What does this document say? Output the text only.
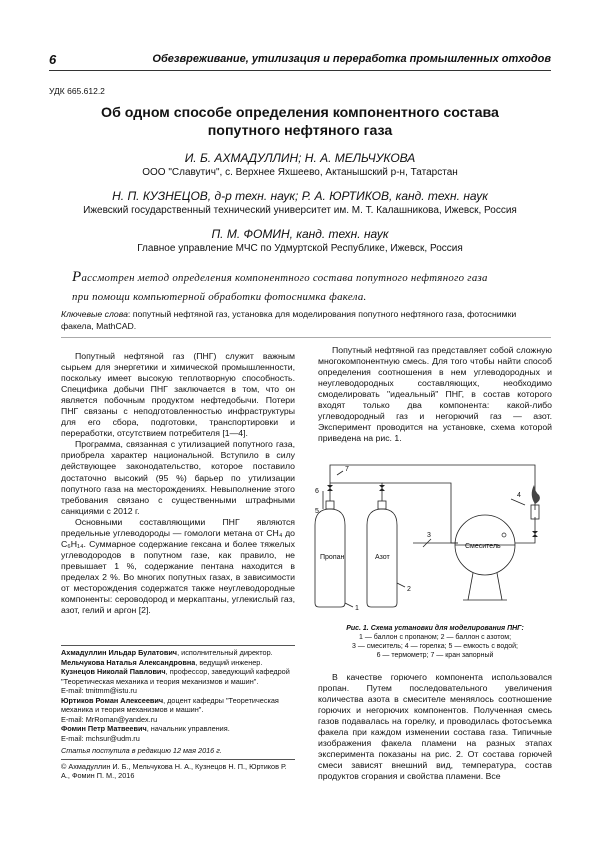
6	Обезвреживание, утилизация и переработка промышленных отходов
УДК 665.612.2
Об одном способе определения компонентного состава
попутного нефтяного газа
И. Б. АХМАДУЛЛИН; Н. А. МЕЛЬЧУКОВА
ООО "Славутич", с. Верхнее Яхшеево, Актанышский р-н, Татарстан
Н. П. КУЗНЕЦОВ, д-р техн. наук; Р. А. ЮРТИКОВ, канд. техн. наук
Ижевский государственный технический университет им. М. Т. Калашникова, Ижевск, Россия
П. М. ФОМИН, канд. техн. наук
Главное управление МЧС по Удмуртской Республике, Ижевск, Россия
Рассмотрен метод определения компонентного состава попутного нефтяного газа
при помощи компьютерной обработки фотоснимка факела.
Ключевые слова: попутный нефтяной газ, установка для моделирования попутного нефтяного газа, фотоснимки факела, MathCAD.

Попутный нефтяной газ (ПНГ) служит важным сырьем для энергетики и химической промышленности, поскольку имеет высокую теплотворную способность. Специфика добычи ПНГ заключается в том, что он является побочным продуктом нефтедобычи. Потери ПНГ связаны с неподготовленностью инфраструктуры для его сбора, подготовки, транспортировки и переработки, отсутствием потребителя [1—4].

Программа, связанная с утилизацией попутного газа, приобрела характер национальной. Вступило в силу действующее законодательство, которое поставило достаточно высокий (95 %) барьер по утилизации попутного газа на месторождениях. Невыполнение этого требования связано с существенными штрафными санкциями с 2012 г.

Основными составляющими ПНГ являются предельные углеводороды — гомологи метана от CH₄ до C₆H₁₄. Суммарное содержание гексана и более тяжелых углеводородов в попутном газе, как правило, не превышает 1 %, содержание пентана находится в пределах 2 %. Во многих попутных газах, в зависимости от месторождения содержатся также неуглеводородные компоненты: сероводород и меркаптаны, углекислый газ, азот, гелий и аргон [2].

Ахмадуллин Ильдар Булатович, исполнительный директор.
Мельчукова Наталья Александровна, ведущий инженер.
Кузнецов Николай Павлович, профессор, заведующий кафедрой "Теоретическая механика и теория механизмов и машин".
E-mail: tmitmm@istu.ru
Юртиков Роман Алексеевич, доцент кафедры "Теоретическая механика и теория механизмов и машин".
E-mail: MrRoman@yandex.ru
Фомин Петр Матвеевич, начальник управления.
E-mail: mchsur@udm.ru
Статья поступила в редакцию 12 мая 2016 г.
© Ахмадуллин И. Б., Мельчукова Н. А., Кузнецов Н. П., Юртиков Р. А., Фомин П. М., 2016

Попутный нефтяной газ представляет собой сложную многокомпонентную смесь. Для того чтобы найти способ определения соотношения в нем углеводородных и неуглеводородных составляющих, необходимо смоделировать "идеальный" ПНГ, в состав которого входят только два компонента: какой-либо углеводородный газ и негорючий газ — азот. Эксперимент проводится на установке, схема которой приведена на рис. 1.

Пропан	Азот
Смеситель
1
2
3
4
5
6
7
Рис. 1. Схема установки для моделирования ПНГ:
1 — баллон с пропаном; 2 — баллон с азотом;
3 — смеситель; 4 — горелка; 5 — емкость с водой;
6 — термометр; 7 — кран запорный

В качестве горючего компонента использовался пропан. Путем последовательного увеличения количества азота в смесителе меняялось соотношение горючих и негорючих компонентов. Полученная смесь газов подавалась на горелку, и проводилась фотосъемка факела при каждом изменении состава газа. Типичные изображения факела пламени на разных этапах эксперимента показаны на рис. 2. От состава горючей смеси зависят внешний вид, температура, состав продуктов сгорания и свойства пламени. Все
